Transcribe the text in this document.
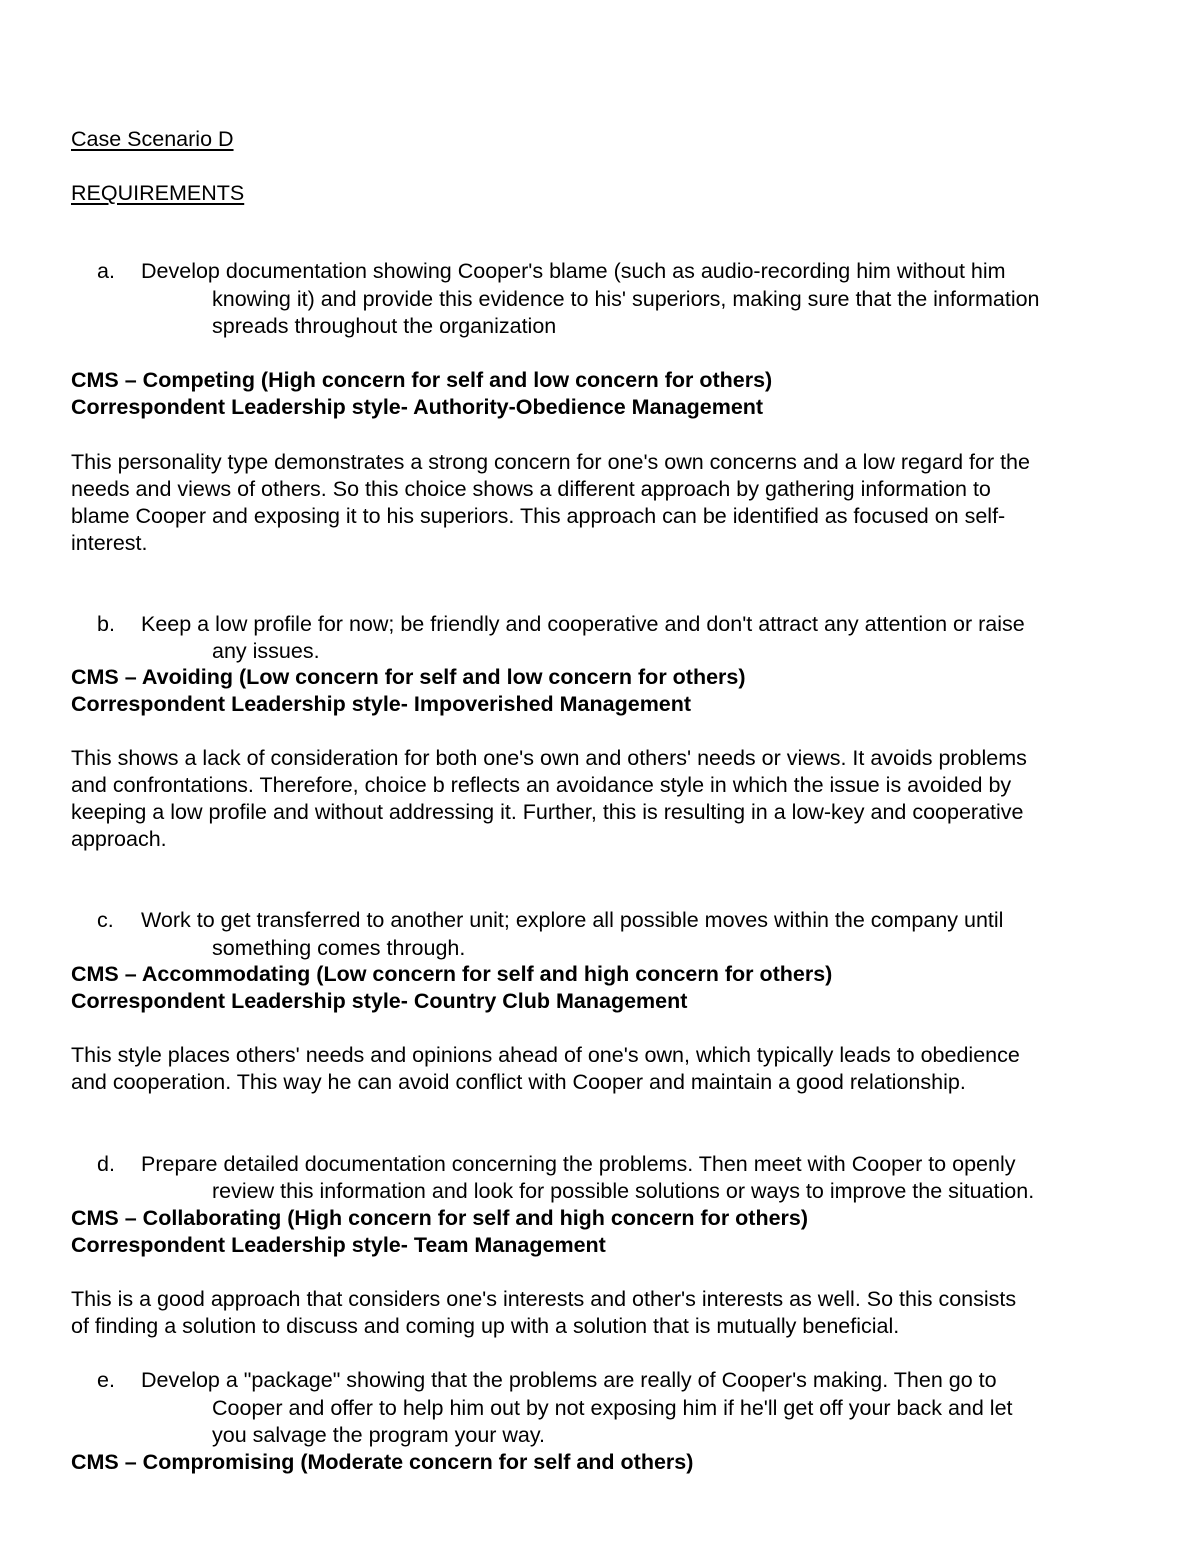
Case Scenario D
REQUIREMENTS
a. Develop documentation showing Cooper's blame (such as audio-recording him without him
knowing it) and provide this evidence to his' superiors, making sure that the information
spreads throughout the organization
CMS – Competing (High concern for self and low concern for others)
Correspondent Leadership style- Authority-Obedience Management
This personality type demonstrates a strong concern for one's own concerns and a low regard for the
needs and views of others. So this choice shows a different approach by gathering information to
blame Cooper and exposing it to his superiors. This approach can be identified as focused on self-
interest.
b. Keep a low profile for now; be friendly and cooperative and don't attract any attention or raise
any issues.
CMS – Avoiding (Low concern for self and low concern for others)
Correspondent Leadership style- Impoverished Management
This shows a lack of consideration for both one's own and others' needs or views. It avoids problems
and confrontations. Therefore, choice b reflects an avoidance style in which the issue is avoided by
keeping a low profile and without addressing it. Further, this is resulting in a low-key and cooperative
approach.
c. Work to get transferred to another unit; explore all possible moves within the company until
something comes through.
CMS – Accommodating (Low concern for self and high concern for others)
Correspondent Leadership style- Country Club Management
This style places others' needs and opinions ahead of one's own, which typically leads to obedience
and cooperation. This way he can avoid conflict with Cooper and maintain a good relationship.
d. Prepare detailed documentation concerning the problems. Then meet with Cooper to openly
review this information and look for possible solutions or ways to improve the situation.
CMS – Collaborating (High concern for self and high concern for others)
Correspondent Leadership style- Team Management
This is a good approach that considers one's interests and other's interests as well. So this consists
of finding a solution to discuss and coming up with a solution that is mutually beneficial.
e. Develop a "package" showing that the problems are really of Cooper's making. Then go to
Cooper and offer to help him out by not exposing him if he'll get off your back and let
you salvage the program your way.
CMS – Compromising (Moderate concern for self and others)
